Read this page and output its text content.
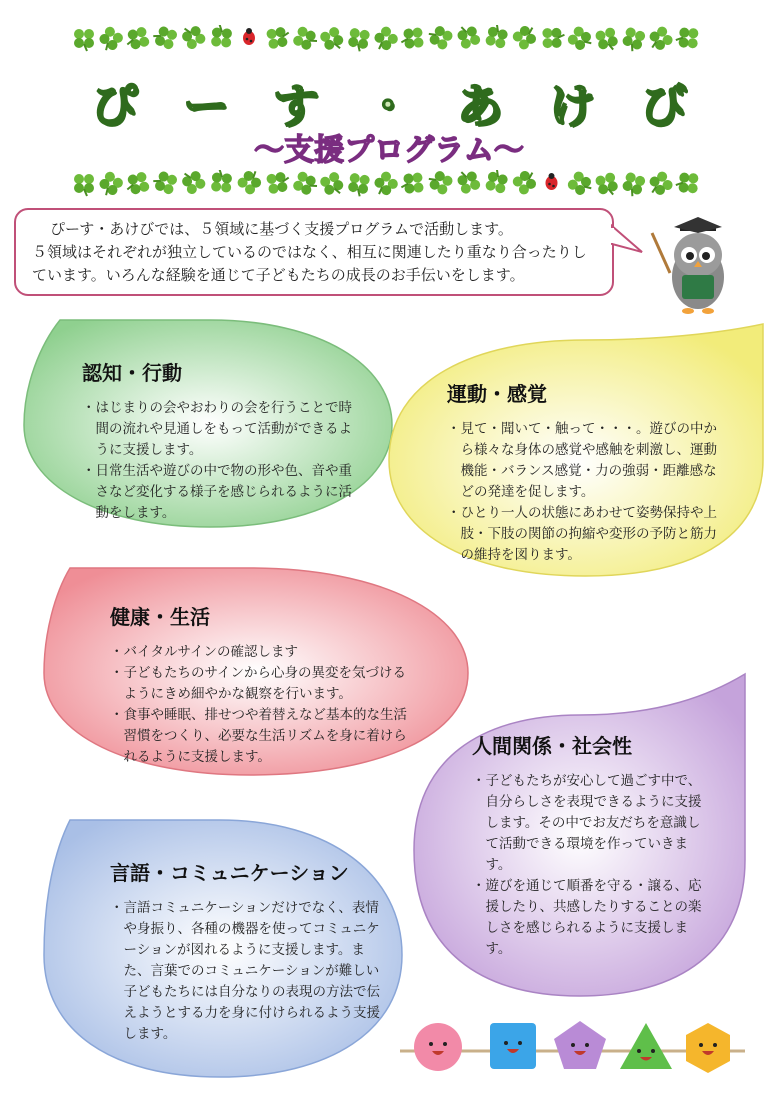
ぴーす・あけび
～支援プログラム～

ぴーす・あけびでは、５領域に基づく支援プログラムで活動します。

５領域はそれぞれが独立しているのではなく、相互に関連したり重なり合ったりしています。いろんな経験を通じて子どもたちの成長のお手伝いをします。
認知・行動
・ はじまりの会やおわりの会を行うことで時間の流れや見通しをもって活動ができるように支援します。
・ 日常生活や遊びの中で物の形や色、音や重さなど変化する様子を感じられるように活動をします。
運動・感覚
・ 見て・聞いて・触って・・・。遊びの中から様々な身体の感覚や感触を刺激し、運動機能・バランス感覚・力の強弱・距離感などの発達を促します。
・ ひとり一人の状態にあわせて姿勢保持や上肢・下肢の関節の拘縮や変形の予防と筋力の維持を図ります。
健康・生活
・ バイタルサインの確認します
・ 子どもたちのサインから心身の異変を気づけるようにきめ細やかな観察を行います。
・ 食事や睡眠、排せつや着替えなど基本的な生活習慣をつくり、必要な生活リズムを身に着けられるように支援します。	人間関係・社会性
・ 子どもたちが安心して過ごす中で、自分らしさを表現できるように支援します。その中でお友だちを意識して活動できる環境を作っていきます。
・ 遊びを通じて順番を守る・譲る、応援したり、共感したりすることの楽しさを感じられるように支援します。
言語・コミュニケーション
・ 言語コミュニケーションだけでなく、表情や身振り、各種の機器を使ってコミュニケーションが図れるように支援します。また、言葉でのコミュニケーションが難しい子どもたちには自分なりの表現の方法で伝えようとする力を身に付けられるよう支援します。
